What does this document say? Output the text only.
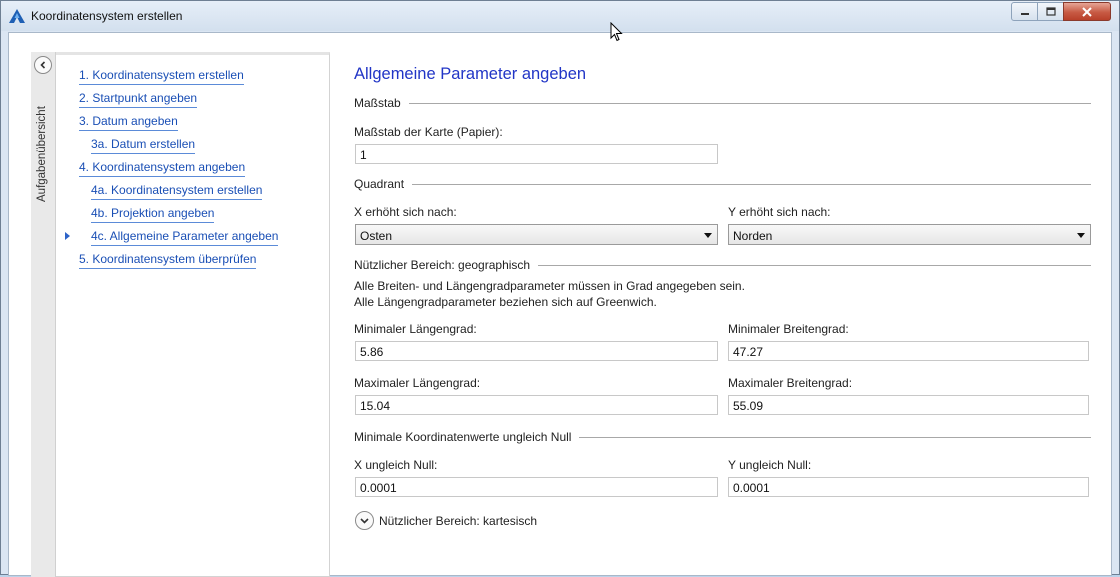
Koordinatensystem erstellen
Aufgabenübersicht
1. Koordinatensystem erstellen
2. Startpunkt angeben
3. Datum angeben
3a. Datum erstellen
4. Koordinatensystem angeben
4a. Koordinatensystem erstellen
4b. Projektion angeben
4c. Allgemeine Parameter angeben
5. Koordinatensystem überprüfen
Allgemeine Parameter angeben
Maßstab
Maßstab der Karte (Papier):
1
Quadrant
X erhöht sich nach:	Y erhöht sich nach:
Osten	Norden
Nützlicher Bereich: geographisch
Alle Breiten- und Längengradparameter müssen in Grad angegeben sein.
Alle Längengradparameter beziehen sich auf Greenwich.
Minimaler Längengrad:	Minimaler Breitengrad:
5.86	47.27
Maximaler Längengrad:	Maximaler Breitengrad:
15.04	55.09
Minimale Koordinatenwerte ungleich Null
X ungleich Null:	Y ungleich Null:
0.0001	0.0001
Nützlicher Bereich: kartesisch
